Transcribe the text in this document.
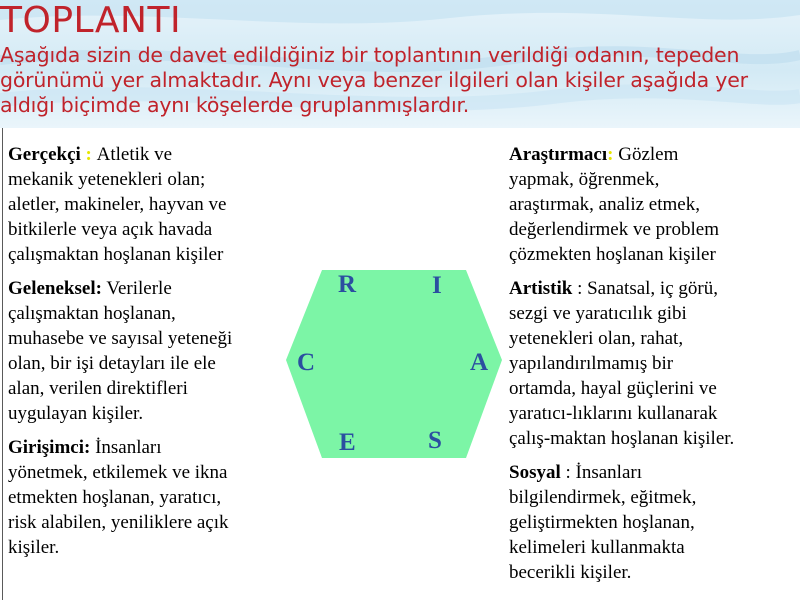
TOPLANTI
Aşağıda sizin de davet edildiğiniz bir toplantının verildiği odanın, tepeden görünümü yer almaktadır. Aynı veya benzer ilgileri olan kişiler aşağıda yer aldığı biçimde aynı köşelerde gruplanmışlardır.
Gerçekçi : Atletik ve
mekanik yetenekleri olan;
aletler, makineler, hayvan ve
bitkilerle veya açık havada
çalışmaktan hoşlanan kişiler
Geleneksel: Verilerle
çalışmaktan hoşlanan,
muhasebe ve sayısal yeteneği
olan, bir işi detayları ile ele
alan, verilen direktifleri
uygulayan kişiler.
Girişimci: İnsanları
yönetmek, etkilemek ve ikna
etmekten hoşlanan, yaratıcı,
risk alabilen, yeniliklere açık
kişiler.
Araştırmacı: Gözlem
yapmak, öğrenmek,
araştırmak, analiz etmek,
değerlendirmek ve problem
çözmekten hoşlanan kişiler
Artistik : Sanatsal, iç görü,
sezgi ve yaratıcılık gibi
yetenekleri olan, rahat,
yapılandırılmamış bir
ortamda, hayal güçlerini ve
yaratıcı-lıklarını kullanarak
çalış-maktan hoşlanan kişiler.
Sosyal : İnsanları
bilgilendirmek, eğitmek,
geliştirmekten hoşlanan,
kelimeleri kullanmakta
becerikli kişiler.
R	I
C	A
E	S
